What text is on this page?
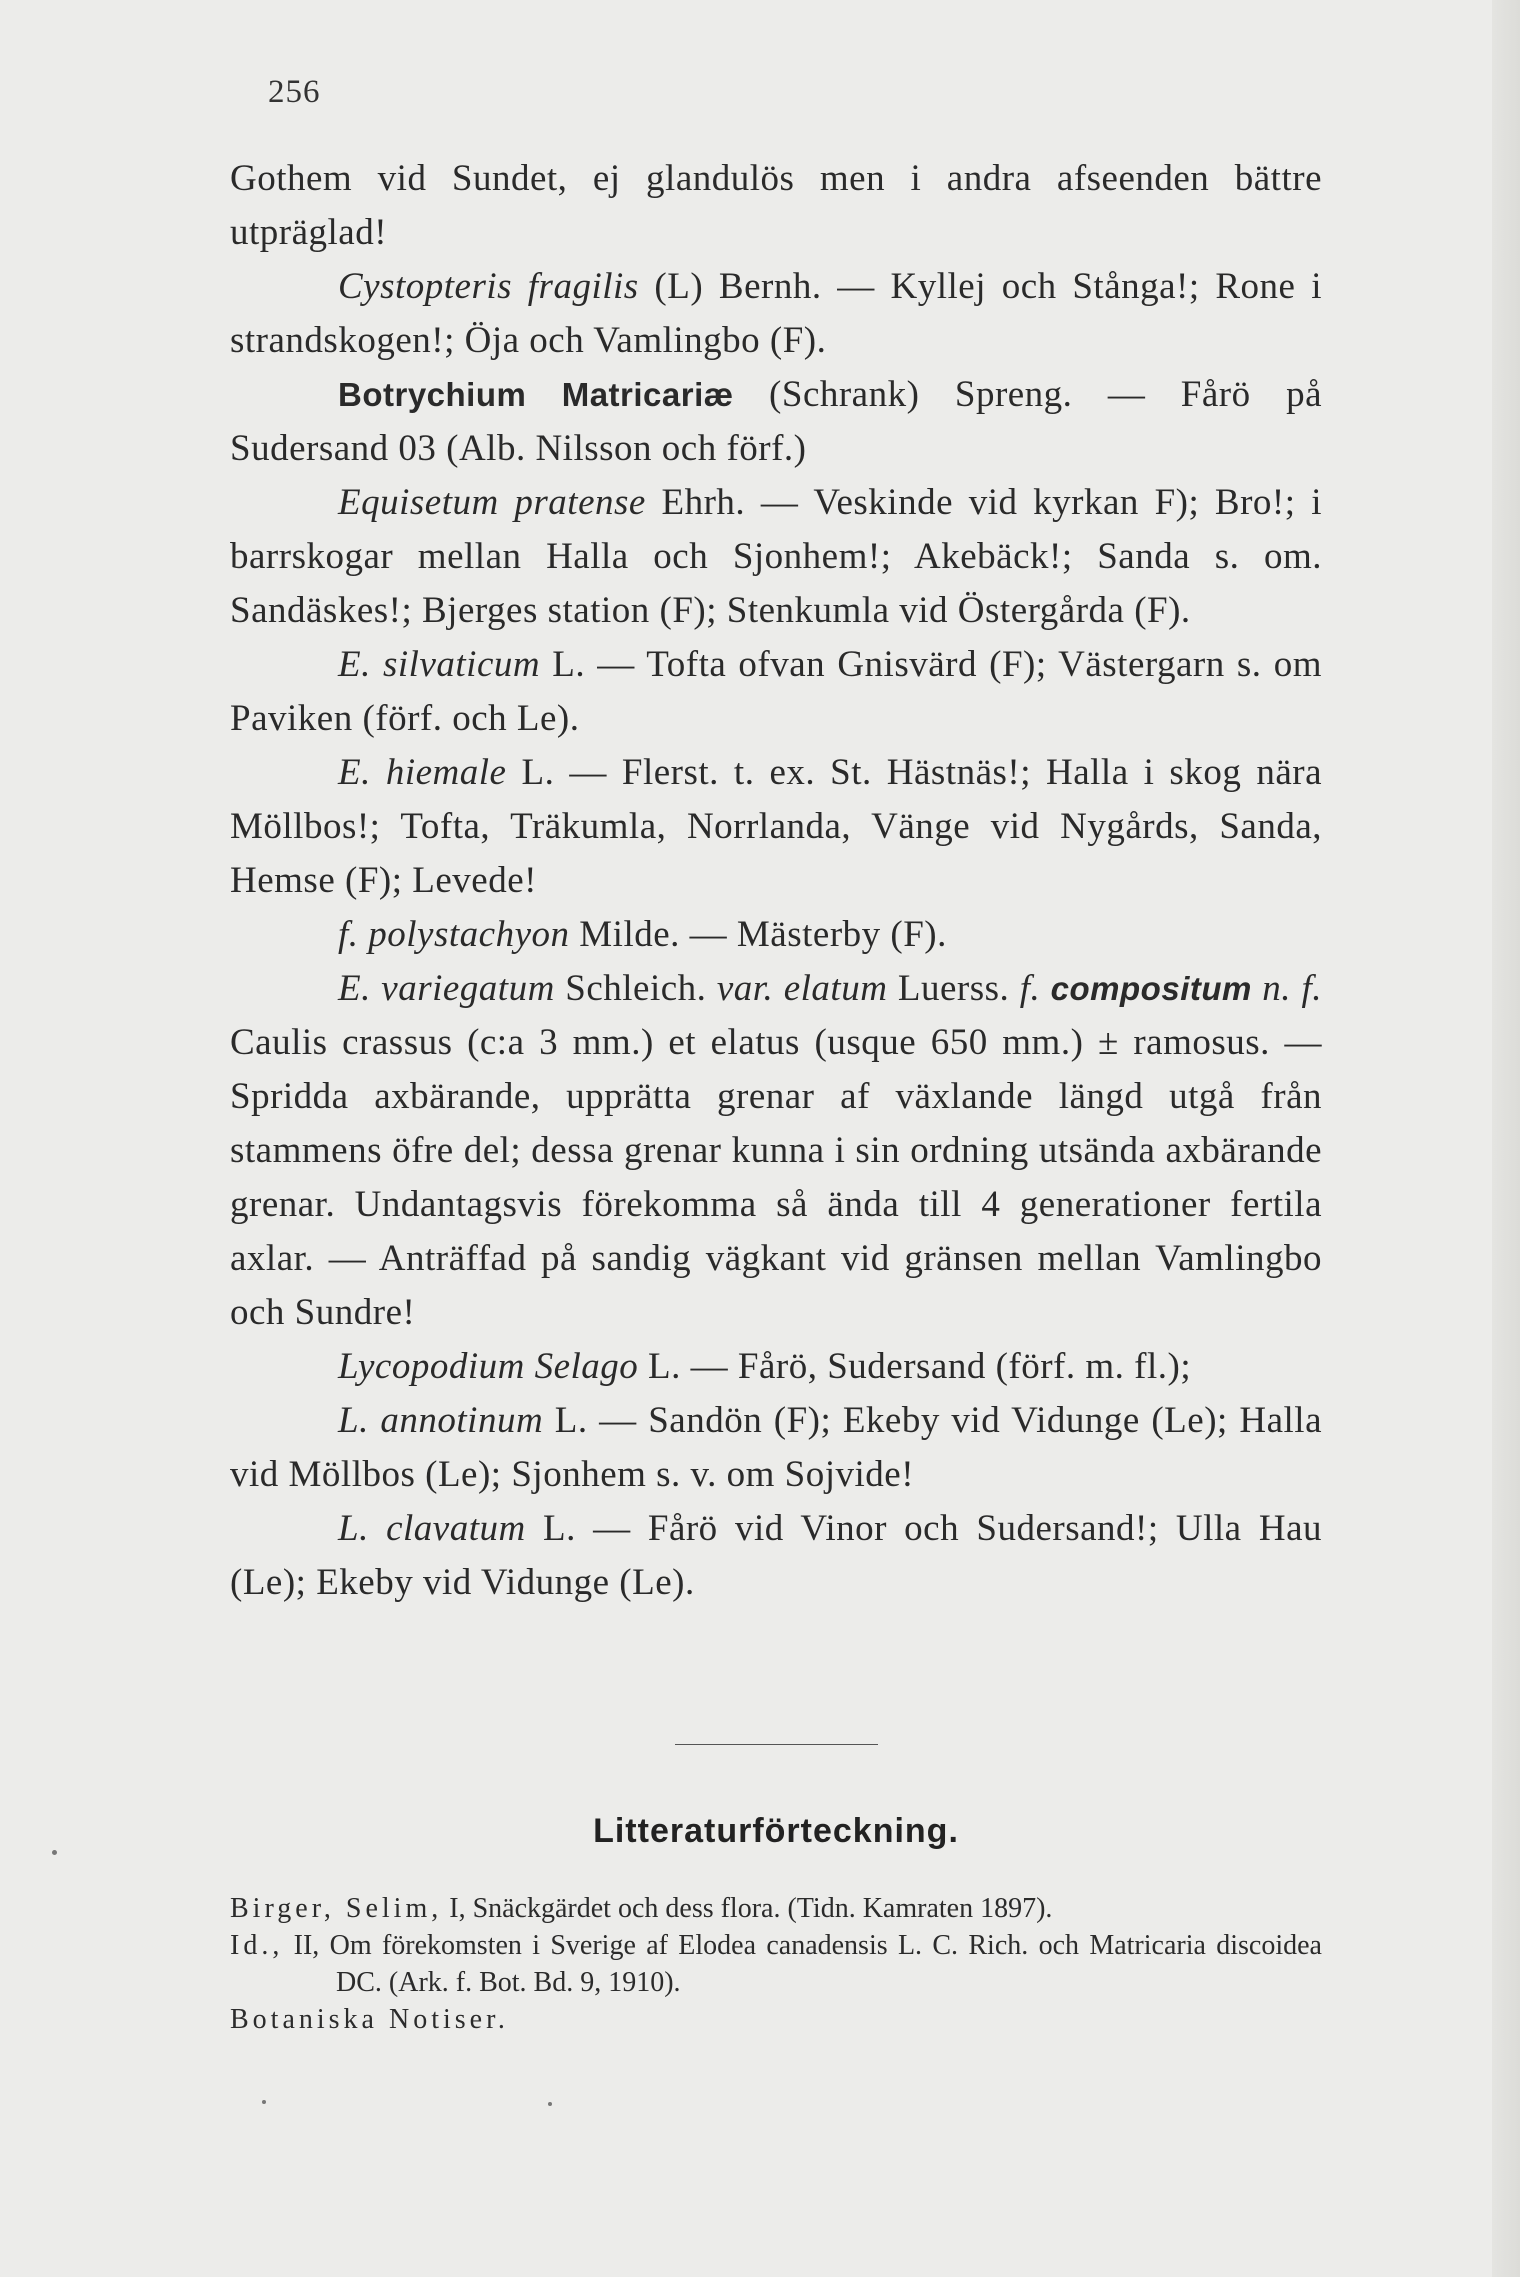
256

Gothem vid Sundet, ej glandulös men i andra afseenden bättre utpräglad!

Cystopteris fragilis (L) Bernh. — Kyllej och Stånga!; Rone i strandskogen!; Öja och Vamlingbo (F).

Botrychium Matricariæ (Schrank) Spreng. — Fårö på Sudersand 03 (Alb. Nilsson och förf.)

Equisetum pratense Ehrh. — Veskinde vid kyrkan F); Bro!; i barrskogar mellan Halla och Sjonhem!; Akebäck!; Sanda s. om. Sandäskes!; Bjerges station (F); Stenkumla vid Östergårda (F).

E. silvaticum L. — Tofta ofvan Gnisvärd (F); Västergarn s. om Paviken (förf. och Le).

E. hiemale L. — Flerst. t. ex. St. Hästnäs!; Halla i skog nära Möllbos!; Tofta, Träkumla, Norrlanda, Vänge vid Nygårds, Sanda, Hemse (F); Levede!

f. polystachyon Milde. — Mästerby (F).

E. variegatum Schleich. var. elatum Luerss. f. compositum n. f. Caulis crassus (c:a 3 mm.) et elatus (usque 650 mm.) ± ramosus. — Spridda axbärande, upprätta grenar af växlande längd utgå från stammens öfre del; dessa grenar kunna i sin ordning utsända axbärande grenar. Undantagsvis förekomma så ända till 4 generationer fertila axlar. — Anträffad på sandig vägkant vid gränsen mellan Vamlingbo och Sundre!

Lycopodium Selago L. — Fårö, Sudersand (förf. m. fl.);

L. annotinum L. — Sandön (F); Ekeby vid Vidunge (Le); Halla vid Möllbos (Le); Sjonhem s. v. om Sojvide!

L. clavatum L. — Fårö vid Vinor och Sudersand!; Ulla Hau (Le); Ekeby vid Vidunge (Le).

Litteraturförteckning.

Birger, Selim, I, Snäckgärdet och dess flora. (Tidn. Kamraten 1897).

Id., II, Om förekomsten i Sverige af Elodea canadensis L. C. Rich. och Matricaria discoidea DC. (Ark. f. Bot. Bd. 9, 1910).

Botaniska Notiser.
